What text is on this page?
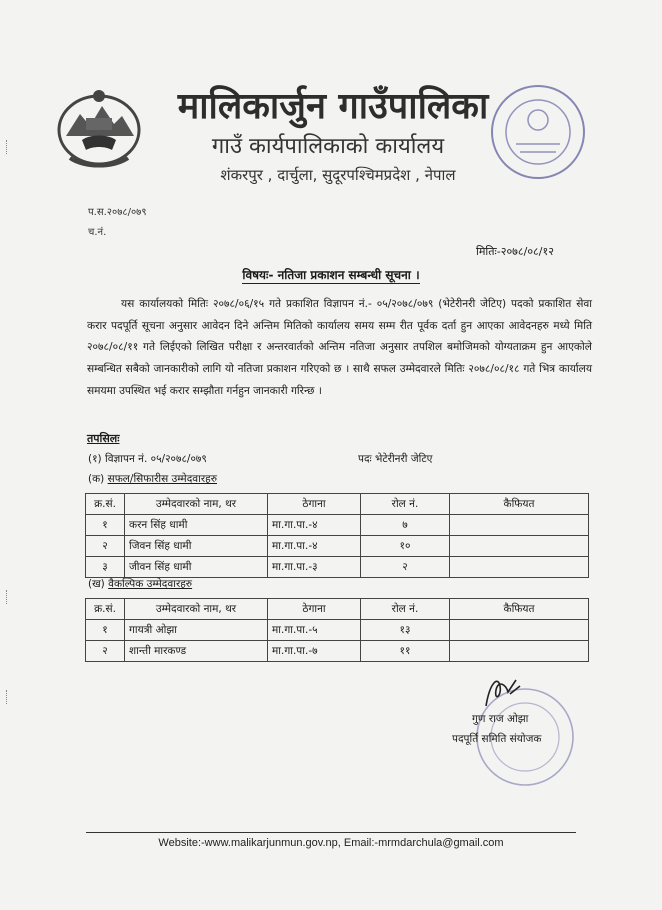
मालिकार्जुन गाउँपालिका
गाउँ कार्यपालिकाको कार्यालय
शंकरपुर , दार्चुला, सुदूरपश्चिमप्रदेश , नेपाल
प.स.२०७८/०७९
च.नं.
मितिः-२०७८/०८/१२
विषयः- नतिजा प्रकाशन सम्बन्धी सूचना ।

यस कार्यालयको मितिः २०७८/०६/१५ गते प्रकाशित विज्ञापन नं.- ०५/२०७८/०७९ (भेटेरीनरी जेटिए) पदको प्रकाशित सेवा करार पदपूर्ति सूचना अनुसार आवेदन दिने अन्तिम मितिको कार्यालय समय सम्म रीत पूर्वक दर्ता हुन आएका आवेदनहरु मध्ये मिति २०७८/०८/११ गते लिईएको लिखित परीक्षा र अन्तरवार्तको अन्तिम नतिजा अनुसार तपशिल बमोजिमको योग्यताक्रम हुन आएकोले सम्बन्धित सबैको जानकारीको लागि यो नतिजा प्रकाशन गरिएको छ । साथै सफल उम्मेदवारले मितिः २०७८/०८/१८ गते भित्र कार्यालय समयमा उपस्थित भई करार सम्झौता गर्नहुन जानकारी गरिन्छ ।

तपसिलः
(१) विज्ञापन नं. ०५/२०७८/०७९	पदः भेटेरीनरी जेटिए
(क) सफल/सिफारीस उम्मेदवारहरु
क्र.सं.	उम्मेदवारको नाम, थर	ठेगाना	रोल नं.	कैफियत
१	करन सिंह धामी	मा.गा.पा.-४	७	
२	जिवन सिंह धामी	मा.गा.पा.-४	१०	
३	जीवन सिंह धामी	मा.गा.पा.-३	२	
(ख) वैकल्पिक उम्मेदवारहरु
क्र.सं.	उम्मेदवारको नाम, थर	ठेगाना	रोल नं.	कैफियत
१	गायत्री ओझा	मा.गा.पा.-५	१३	
२	शान्ती मारकण्ड	मा.गा.पा.-७	११	
गुण राज ओझा
पदपूर्ति समिति संयोजक
Website:-www.malikarjunmun.gov.np, Email:-mrmdarchula@gmail.com
